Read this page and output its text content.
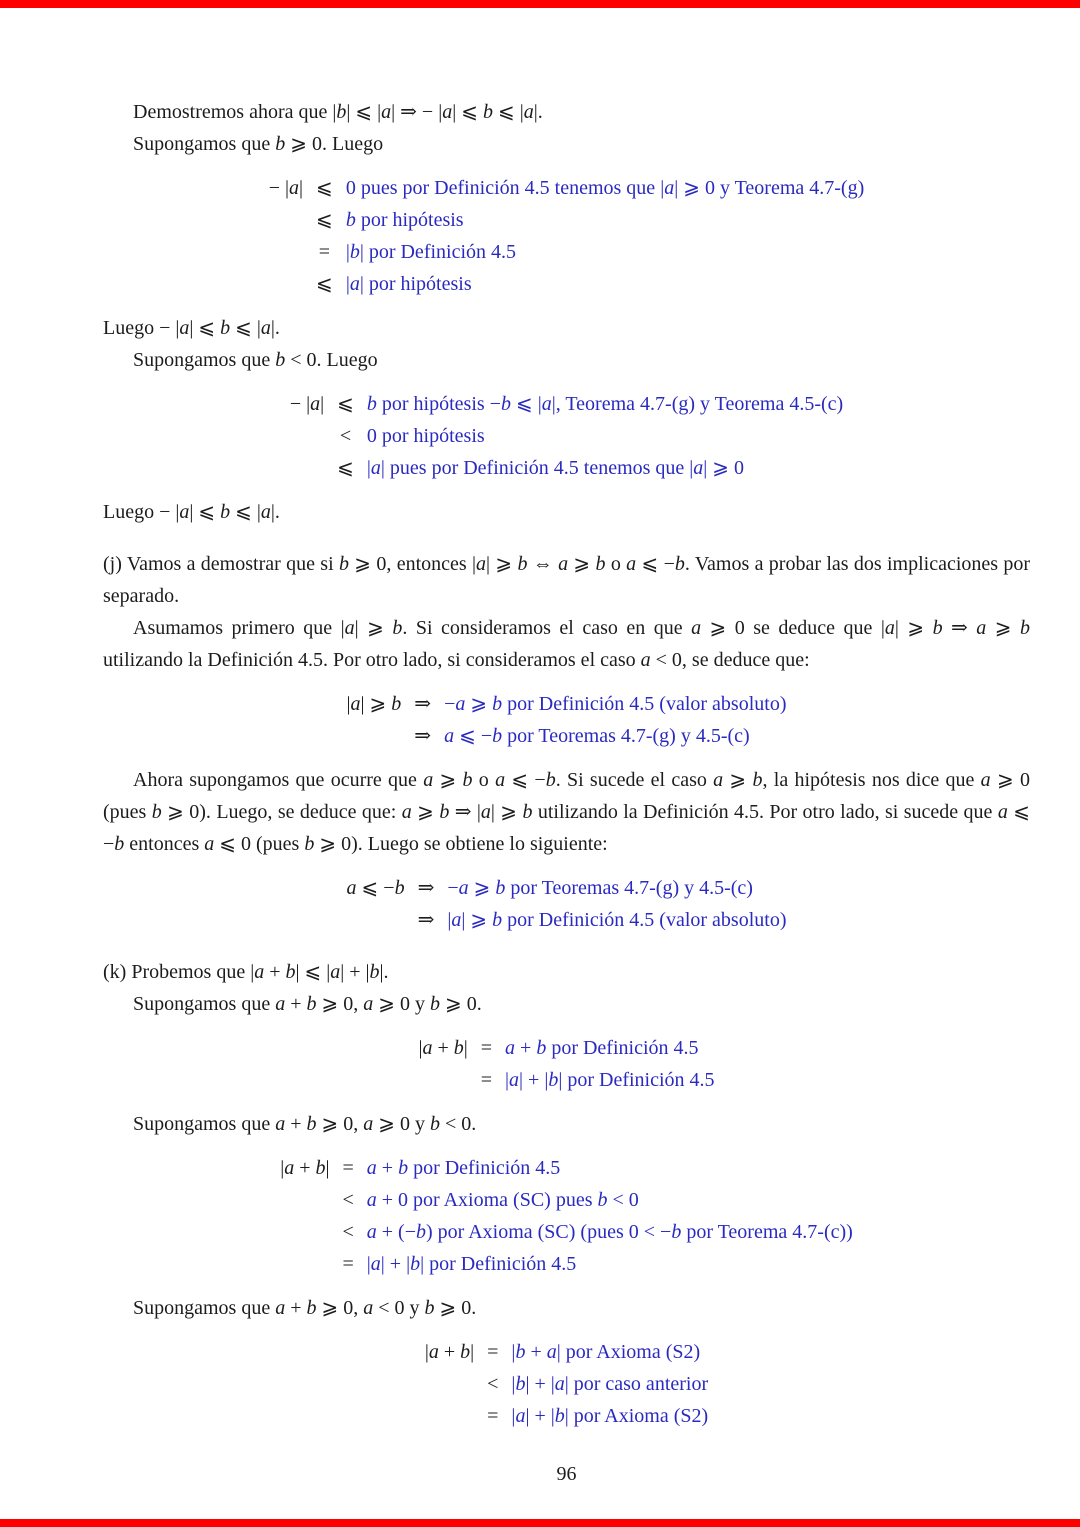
Demostremos ahora que |b| ⩽ |a| ⇒ − |a| ⩽ b ⩽ |a|.

Supongamos que b ⩾ 0. Luego

− |a|	⩽	0 pues por Definición 4.5 tenemos que |a| ⩾ 0 y Teorema 4.7-(g)
	⩽	b por hipótesis
	=	|b| por Definición 4.5
	⩽	|a| por hipótesis

Luego − |a| ⩽ b ⩽ |a|.

Supongamos que b < 0. Luego

− |a|	⩽	b por hipótesis −b ⩽ |a|, Teorema 4.7-(g) y Teorema 4.5-(c)
	<	0 por hipótesis
	⩽	|a| pues por Definición 4.5 tenemos que |a| ⩾ 0

Luego − |a| ⩽ b ⩽ |a|.

(j) Vamos a demostrar que si b ⩾ 0, entonces |a| ⩾ b ⇔ a ⩾ b o a ⩽ −b. Vamos a probar las dos implicaciones por separado.

Asumamos primero que |a| ⩾ b. Si consideramos el caso en que a ⩾ 0 se deduce que |a| ⩾ b ⇒ a ⩾ b utilizando la Definición 4.5. Por otro lado, si consideramos el caso a < 0, se deduce que:

|a| ⩾ b	⇒	−a ⩾ b por Definición 4.5 (valor absoluto)
	⇒	a ⩽ −b por Teoremas 4.7-(g) y 4.5-(c)

Ahora supongamos que ocurre que a ⩾ b o a ⩽ −b. Si sucede el caso a ⩾ b, la hipótesis nos dice que a ⩾ 0 (pues b ⩾ 0). Luego, se deduce que: a ⩾ b ⇒ |a| ⩾ b utilizando la Definición 4.5. Por otro lado, si sucede que a ⩽ −b entonces a ⩽ 0 (pues b ⩾ 0). Luego se obtiene lo siguiente:

a ⩽ −b	⇒	−a ⩾ b por Teoremas 4.7-(g) y 4.5-(c)
	⇒	|a| ⩾ b por Definición 4.5 (valor absoluto)

(k) Probemos que |a + b| ⩽ |a| + |b|.

Supongamos que a + b ⩾ 0, a ⩾ 0 y b ⩾ 0.

|a + b|	=	a + b por Definición 4.5
	=	|a| + |b| por Definición 4.5

Supongamos que a + b ⩾ 0, a ⩾ 0 y b < 0.

|a + b|	=	a + b por Definición 4.5
	<	a + 0 por Axioma (SC) pues b < 0
	<	a + (−b) por Axioma (SC) (pues 0 < −b por Teorema 4.7-(c))
	=	|a| + |b| por Definición 4.5

Supongamos que a + b ⩾ 0, a < 0 y b ⩾ 0.

|a + b|	=	|b + a| por Axioma (S2)
	<	|b| + |a| por caso anterior
	=	|a| + |b| por Axioma (S2)
96
